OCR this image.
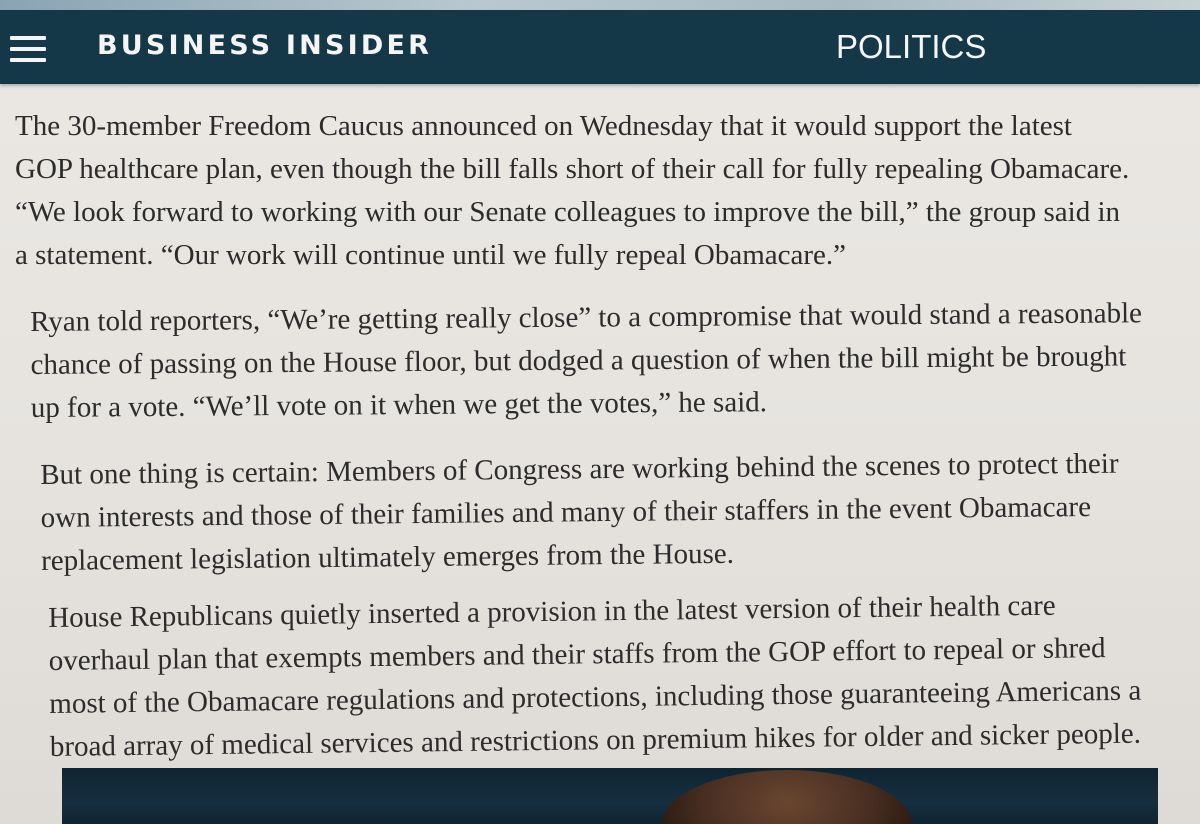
BUSINESS INSIDER	POLITICS

The 30-member Freedom Caucus announced on Wednesday that it would support the latest
GOP healthcare plan, even though the bill falls short of their call for fully repealing Obamacare.
“We look forward to working with our Senate colleagues to improve the bill,” the group said in
a statement. “Our work will continue until we fully repeal Obamacare.”

Ryan told reporters, “We’re getting really close” to a compromise that would stand a reasonable
chance of passing on the House floor, but dodged a question of when the bill might be brought
up for a vote. “We’ll vote on it when we get the votes,” he said.

But one thing is certain: Members of Congress are working behind the scenes to protect their
own interests and those of their families and many of their staffers in the event Obamacare
replacement legislation ultimately emerges from the House.

House Republicans quietly inserted a provision in the latest version of their health care
overhaul plan that exempts members and their staffs from the GOP effort to repeal or shred
most of the Obamacare regulations and protections, including those guaranteeing Americans a
broad array of medical services and restrictions on premium hikes for older and sicker people.
